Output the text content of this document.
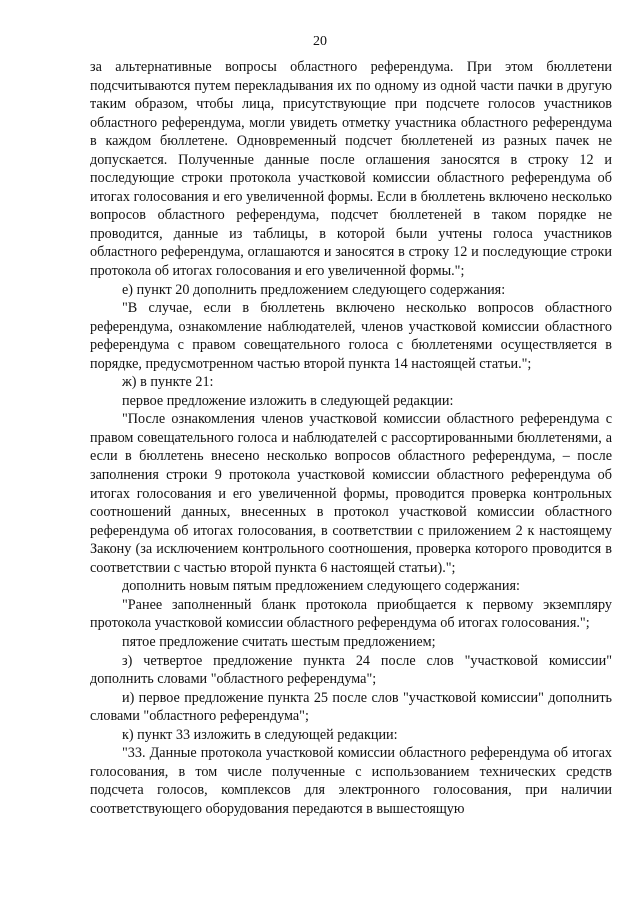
20

за альтернативные вопросы областного референдума. При этом бюллетени подсчитываются путем перекладывания их по одному из одной части пачки в другую таким образом, чтобы лица, присутствующие при подсчете голосов участников областного референдума, могли увидеть отметку участника областного референдума в каждом бюллетене. Одновременный подсчет бюллетеней из разных пачек не допускается. Полученные данные после оглашения заносятся в строку 12 и последующие строки протокола участковой комиссии областного референдума об итогах голосования и его увеличенной формы. Если в бюллетень включено несколько вопросов областного референдума, подсчет бюллетеней в таком порядке не проводится, данные из таблицы, в которой были учтены голоса участников областного референдума, оглашаются и заносятся в строку 12 и последующие строки протокола об итогах голосования и его увеличенной формы.";

е) пункт 20 дополнить предложением следующего содержания:

"В случае, если в бюллетень включено несколько вопросов областного референдума, ознакомление наблюдателей, членов участковой комиссии областного референдума с правом совещательного голоса с бюллетенями осуществляется в порядке, предусмотренном частью второй пункта 14 настоящей статьи.";

ж) в пункте 21:

первое предложение изложить в следующей редакции:

"После ознакомления членов участковой комиссии областного референдума с правом совещательного голоса и наблюдателей с рассортированными бюллетенями, а если в бюллетень внесено несколько вопросов областного референдума, – после заполнения строки 9 протокола участковой комиссии областного референдума об итогах голосования и его увеличенной формы, проводится проверка контрольных соотношений данных, внесенных в протокол участковой комиссии областного референдума об итогах голосования, в соответствии с приложением 2 к настоящему Закону (за исключением контрольного соотношения, проверка которого проводится в соответствии с частью второй пункта 6 настоящей статьи).";

дополнить новым пятым предложением следующего содержания:

"Ранее заполненный бланк протокола приобщается к первому экземпляру протокола участковой комиссии областного референдума об итогах голосования.";

пятое предложение считать шестым предложением;

з) четвертое предложение пункта 24 после слов "участковой комиссии" дополнить словами "областного референдума";

и) первое предложение пункта 25 после слов "участковой комиссии" дополнить словами "областного референдума";

к) пункт 33 изложить в следующей редакции:

"33. Данные протокола участковой комиссии областного референдума об итогах голосования, в том числе полученные с использованием технических средств подсчета голосов, комплексов для электронного голосования, при наличии соответствующего оборудования передаются в вышестоящую
